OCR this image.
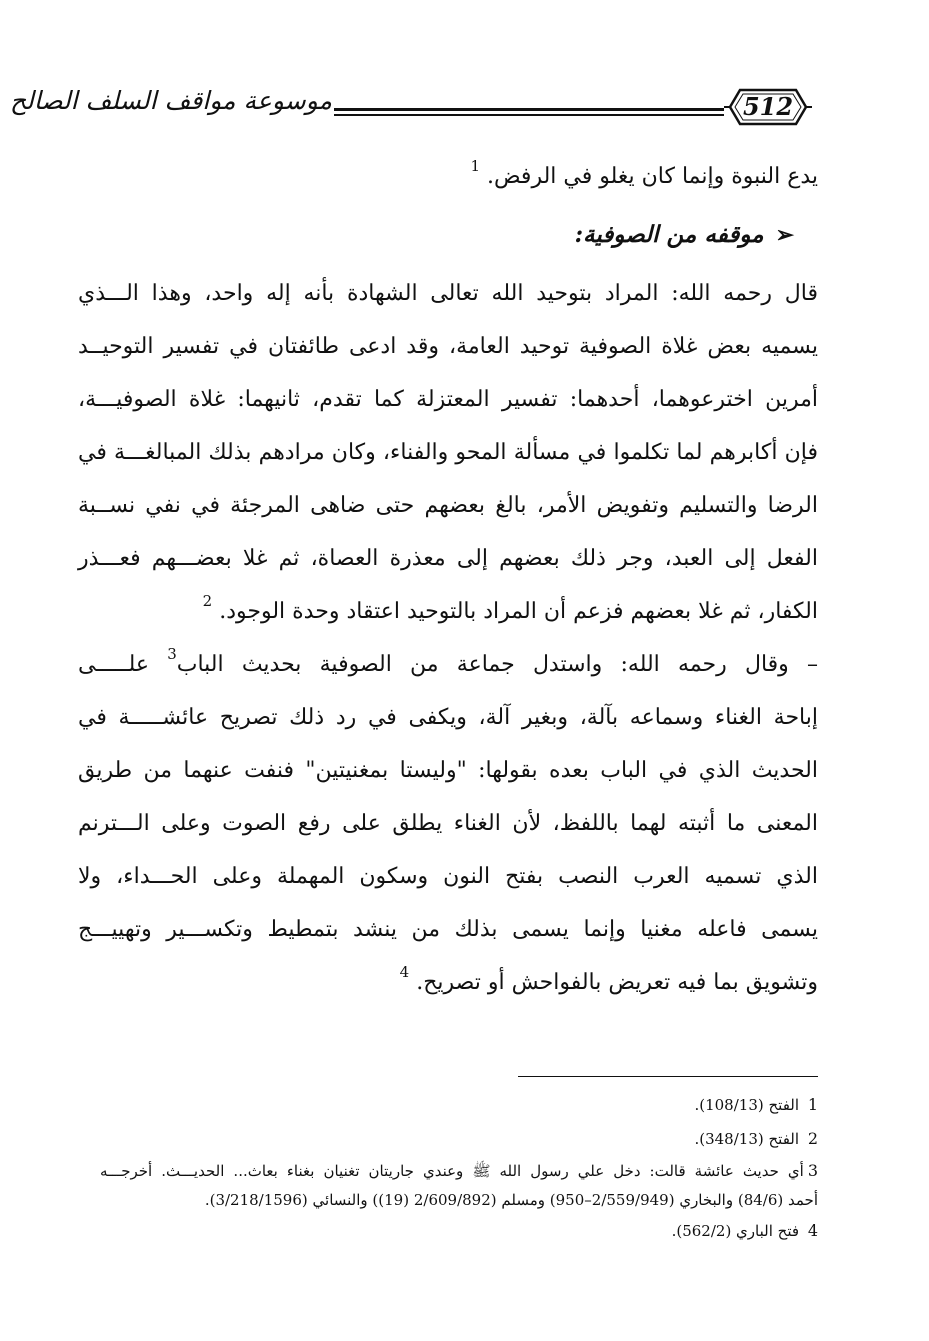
موسوعة مواقف السلف الصالح	512
يدع النبوة وإنما كان يغلو في الرفض. $^1$
➢موقفه من الصوفية:
قال رحمه الله: المراد بتوحيد الله تعالى الشهادة بأنه إله واحد، وهذا الـــذي
يسميه بعض غلاة الصوفية توحيد العامة، وقد ادعى طائفتان في تفسير التوحيــد
أمرين اخترعوهما، أحدهما: تفسير المعتزلة كما تقدم، ثانيهما: غلاة الصوفيـــة،
فإن أكابرهم لما تكلموا في مسألة المحو والفناء، وكان مرادهم بذلك المبالغـــة في
الرضا والتسليم وتفويض الأمر، بالغ بعضهم حتى ضاهى المرجئة في نفي نســبة
الفعل إلى العبد، وجر ذلك بعضهم إلى معذرة العصاة، ثم غلا بعضـــهم فعـــذر
الكفار، ثم غلا بعضهم فزعم أن المراد بالتوحيد اعتقاد وحدة الوجود. $^2$
– وقال رحمه الله: واستدل جماعة من الصوفية بحديث الباب$^3$ علـــــى
إباحة الغناء وسماعه بآلة، وبغير آلة، ويكفى في رد ذلك تصريح عائشـــــة في
الحديث الذي في الباب بعده بقولها: "وليستا بمغنيتين" فنفت عنهما من طريق
المعنى ما أثبته لهما باللفظ، لأن الغناء يطلق على رفع الصوت وعلى الـــترنم
الذي تسميه العرب النصب بفتح النون وسكون المهملة وعلى الحـــداء، ولا
يسمى فاعله مغنيا وإنما يسمى بذلك من ينشد بتمطيط وتكســـير وتهييـــج
وتشويق بما فيه تعريض بالفواحش أو تصريح. $^4$
1 الفتح (108/13).
2 الفتح (348/13).
3أي حديث عائشة قالت: دخل علي رسول الله ﷺ وعندي جاريتان تغنيان بغناء بعاث... الحديـــث. أخرجـــه
أحمد (84/6) والبخاري (2/559/949–950) ومسلم (2/609/892 (19)) والنسائي (3/218/1596).
4 فتح الباري (562/2).
